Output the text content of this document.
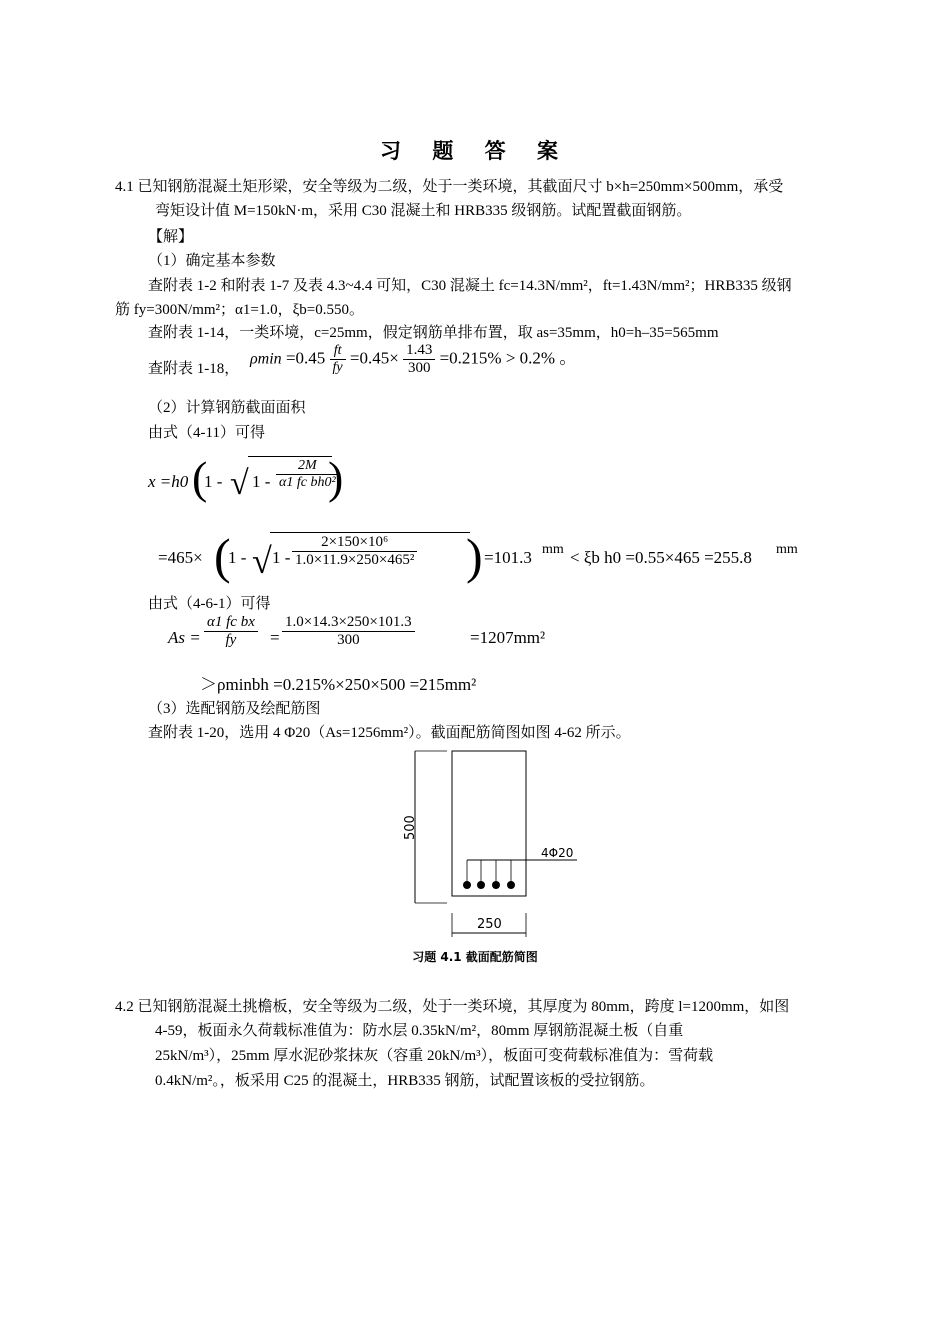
习 题 答 案
4.1 已知钢筋混凝土矩形梁，安全等级为二级，处于一类环境，其截面尺寸 b×h=250mm×500mm，承受
弯矩设计值 M=150kN·m，采用 C30 混凝土和 HRB335 级钢筋。试配置截面钢筋。
【解】
（1）确定基本参数
查附表 1-2 和附表 1-7 及表 4.3~4.4 可知，C30 混凝土 fc=14.3N/mm²，ft=1.43N/mm²；HRB335 级钢
筋 fy=300N/mm²；α1=1.0，ξb=0.550。
查附表 1-14，一类环境，c=25mm，假定钢筋单排布置，取 as=35mm，h0=h–35=565mm
查附表 1-18，
$\rho\min =0.45 \frac{ft}{fy} =0.45\times \frac{1.43}{300} =0.215\% > 0.2\%$ 。
（2）计算钢筋截面面积
由式（4-11）可得
x =h0 (
1 - √ $1 - \frac{2M}{\text{α1 fc bh0²}}$
)
=465× (
1 - √ $1 - \frac{\text{2×150×10⁶}}{\text{1.0×11.9×250×465²}}$ ) =101.3 mm < ξb h0 =0.55×465 =255.8 mm
由式（4-6-1）可得
$As = \frac{\text{α1 fc bx}}{fy} = \frac{1.0\times 14.3\times 250\times 101.3}{300}$	=1207mm²
＞ρminbh =0.215%×250×500 =215mm²
（3）选配钢筋及绘配筋图
查附表 1-20，选用 4 Φ20（As=1256mm²）。截面配筋简图如图 4-62 所示。
500
250
4Φ20
习题 4.1 截面配筋简图
4.2 已知钢筋混凝土挑檐板，安全等级为二级，处于一类环境，其厚度为 80mm，跨度 l=1200mm，如图
4-59，板面永久荷载标准值为：防水层 0.35kN/m²，80mm 厚钢筋混凝土板（自重
25kN/m³），25mm 厚水泥砂浆抹灰（容重 20kN/m³），板面可变荷载标准值为：雪荷载
0.4kN/m²。，板采用 C25 的混凝土，HRB335 钢筋，试配置该板的受拉钢筋。
